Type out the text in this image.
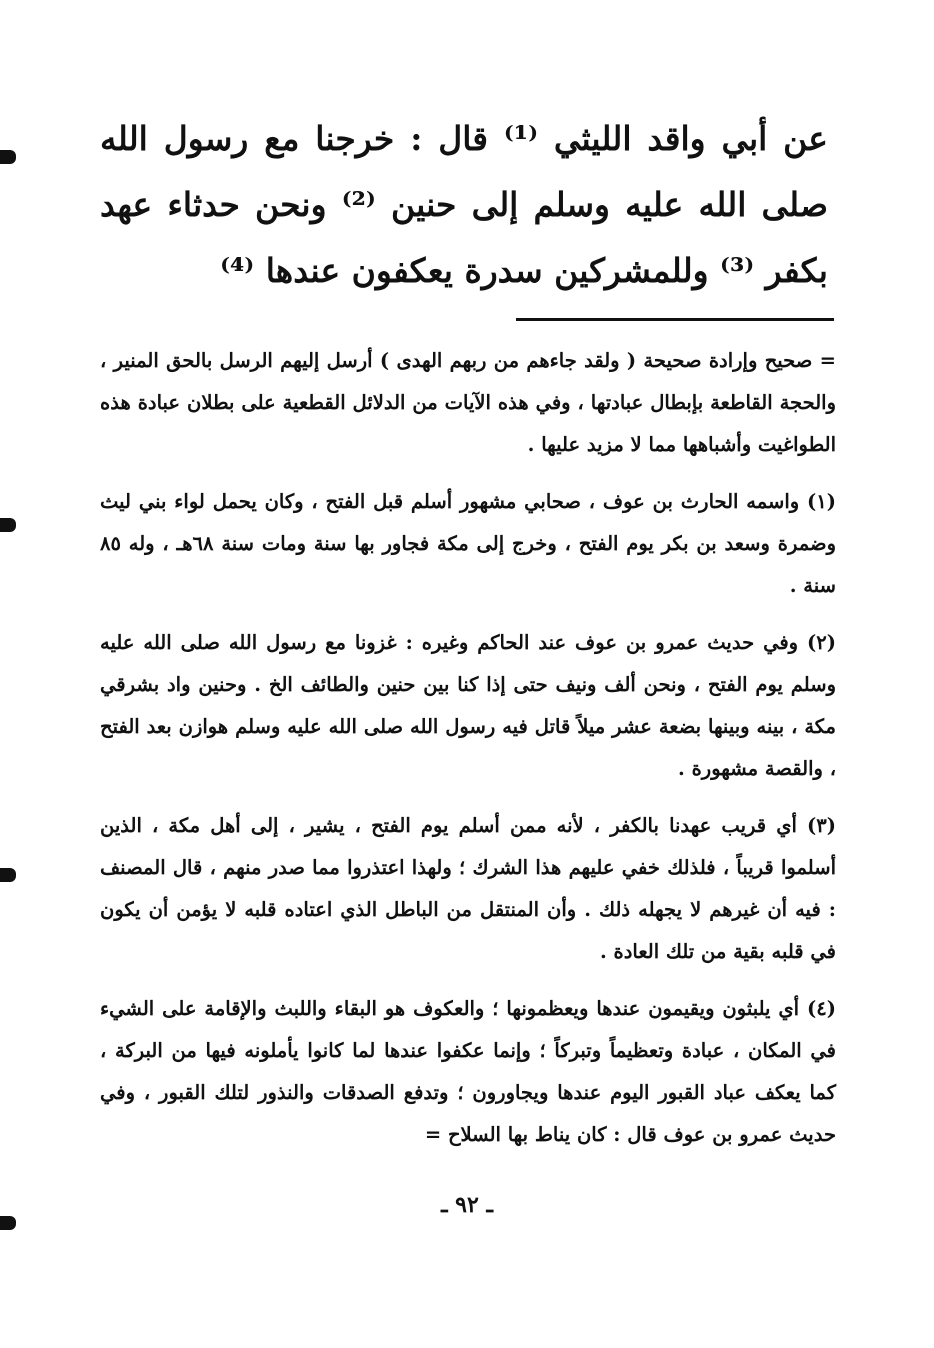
عن أبي واقد الليثي ⁽¹⁾ قال : خرجنا مع رسول الله صلى الله عليه وسلم إلى حنين ⁽²⁾ ونحن حدثاء عهد بكفر ⁽³⁾ وللمشركين سدرة يعكفون عندها ⁽⁴⁾

= صحيح وإرادة صحيحة ( ولقد جاءهم من ربهم الهدى ) أرسل إليهم الرسل بالحق المنير ، والحجة القاطعة بإبطال عبادتها ، وفي هذه الآيات من الدلائل القطعية على بطلان عبادة هذه الطواغيت وأشباهها مما لا مزيد عليها .

(١) واسمه الحارث بن عوف ، صحابي مشهور أسلم قبل الفتح ، وكان يحمل لواء بني ليث وضمرة وسعد بن بكر يوم الفتح ، وخرج إلى مكة فجاور بها سنة ومات سنة ٦٨هـ ، وله ٨٥ سنة .

(٢) وفي حديث عمرو بن عوف عند الحاكم وغيره : غزونا مع رسول الله صلى الله عليه وسلم يوم الفتح ، ونحن ألف ونيف حتى إذا كنا بين حنين والطائف الخ . وحنين واد بشرقي مكة ، بينه وبينها بضعة عشر ميلاً قاتل فيه رسول الله صلى الله عليه وسلم هوازن بعد الفتح ، والقصة مشهورة .

(٣) أي قريب عهدنا بالكفر ، لأنه ممن أسلم يوم الفتح ، يشير ، إلى أهل مكة ، الذين أسلموا قريباً ، فلذلك خفي عليهم هذا الشرك ؛ ولهذا اعتذروا مما صدر منهم ، قال المصنف : فيه أن غيرهم لا يجهله ذلك . وأن المنتقل من الباطل الذي اعتاده قلبه لا يؤمن أن يكون في قلبه بقية من تلك العادة .

(٤) أي يلبثون ويقيمون عندها ويعظمونها ؛ والعكوف هو البقاء واللبث والإقامة على الشيء في المكان ، عبادة وتعظيماً وتبركاً ؛ وإنما عكفوا عندها لما كانوا يأملونه فيها من البركة ، كما يعكف عباد القبور اليوم عندها ويجاورون ؛ وتدفع الصدقات والنذور لتلك القبور ، وفي حديث عمرو بن عوف قال : كان يناط بها السلاح =

ـ ٩٢ ـ
